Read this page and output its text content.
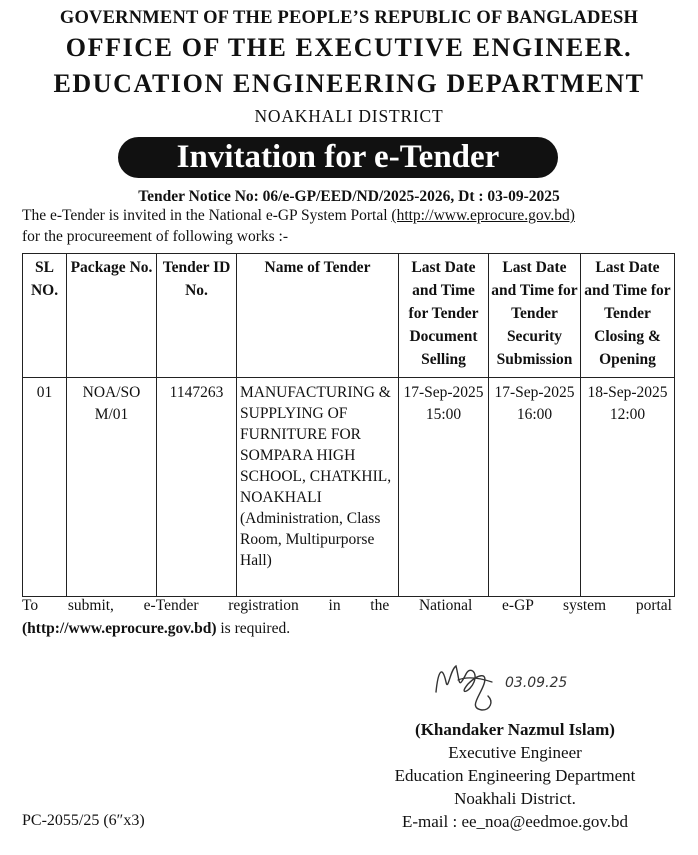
GOVERNMENT OF THE PEOPLE’S REPUBLIC OF BANGLADESH
OFFICE OF THE EXECUTIVE ENGINEER.
EDUCATION ENGINEERING DEPARTMENT
NOAKHALI DISTRICT
Invitation for e-Tender
Tender Notice No: 06/e-GP/EED/ND/2025-2026, Dt : 03-09-2025
The e-Tender is invited in the National e-GP System Portal (http://www.eprocure.gov.bd)
for the procureement of following works :-
SL NO.	Package No.	Tender ID No.	Name of Tender	Last Date and Time for Tender Document Selling	Last Date and Time for Tender Security Submission	Last Date and Time for Tender Closing & Opening
01	NOA/SO M/01	1147263	MANUFACTURING & SUPPLYING OF FURNITURE FOR SOMPARA HIGH SCHOOL, CHATKHIL, NOAKHALI (Administration, Class Room, Multipurporse Hall)	17-Sep-2025 15:00	17-Sep-2025 16:00	18-Sep-2025 12:00
To submit, e-Tender registration in the National e-GP system portal
(http://www.eprocure.gov.bd) is required.
03.09.25
(Khandaker Nazmul Islam)
Executive Engineer
Education Engineering Department
Noakhali District.
E-mail : ee_noa@eedmoe.gov.bd
PC-2055/25 (6″x3)
